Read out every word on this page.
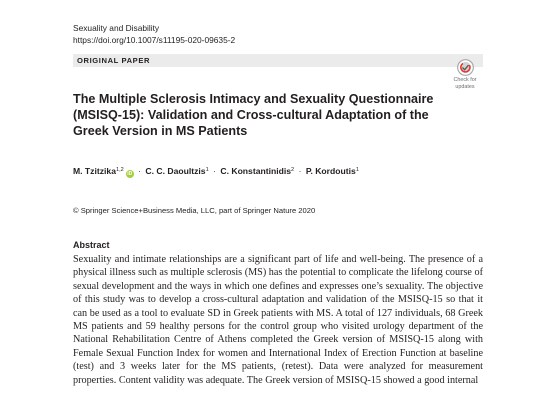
Sexuality and Disability
https://doi.org/10.1007/s11195-020-09635-2
ORIGINAL PAPER
Check for
updates
The Multiple Sclerosis Intimacy and Sexuality Questionnaire (MSISQ-15): Validation and Cross-cultural Adaptation of the Greek Version in MS Patients
M. Tzitzika$^{1,2}$iD · C. C. Daoultzis$^1$ · C. Konstantinidis$^2$ · P. Kordoutis$^1$
© Springer Science+Business Media, LLC, part of Springer Nature 2020
Abstract

Sexuality and intimate relationships are a significant part of life and well-being. The presence of a physical illness such as multiple sclerosis (MS) has the potential to complicate the lifelong course of sexual development and the ways in which one defines and expresses one’s sexuality. The objective of this study was to develop a cross-cultural adaptation and validation of the MSISQ-15 so that it can be used as a tool to evaluate SD in Greek patients with MS. A total of 127 individuals, 68 Greek MS patients and 59 healthy persons for the control group who visited urology department of the National Rehabilitation Centre of Athens completed the Greek version of MSISQ-15 along with Female Sexual Function Index for women and International Index of Erection Function at baseline (test) and 3 weeks later for the MS patients, (retest). Data were analyzed for measurement properties. Content validity was adequate. The Greek version of MSISQ-15 showed a good internal
